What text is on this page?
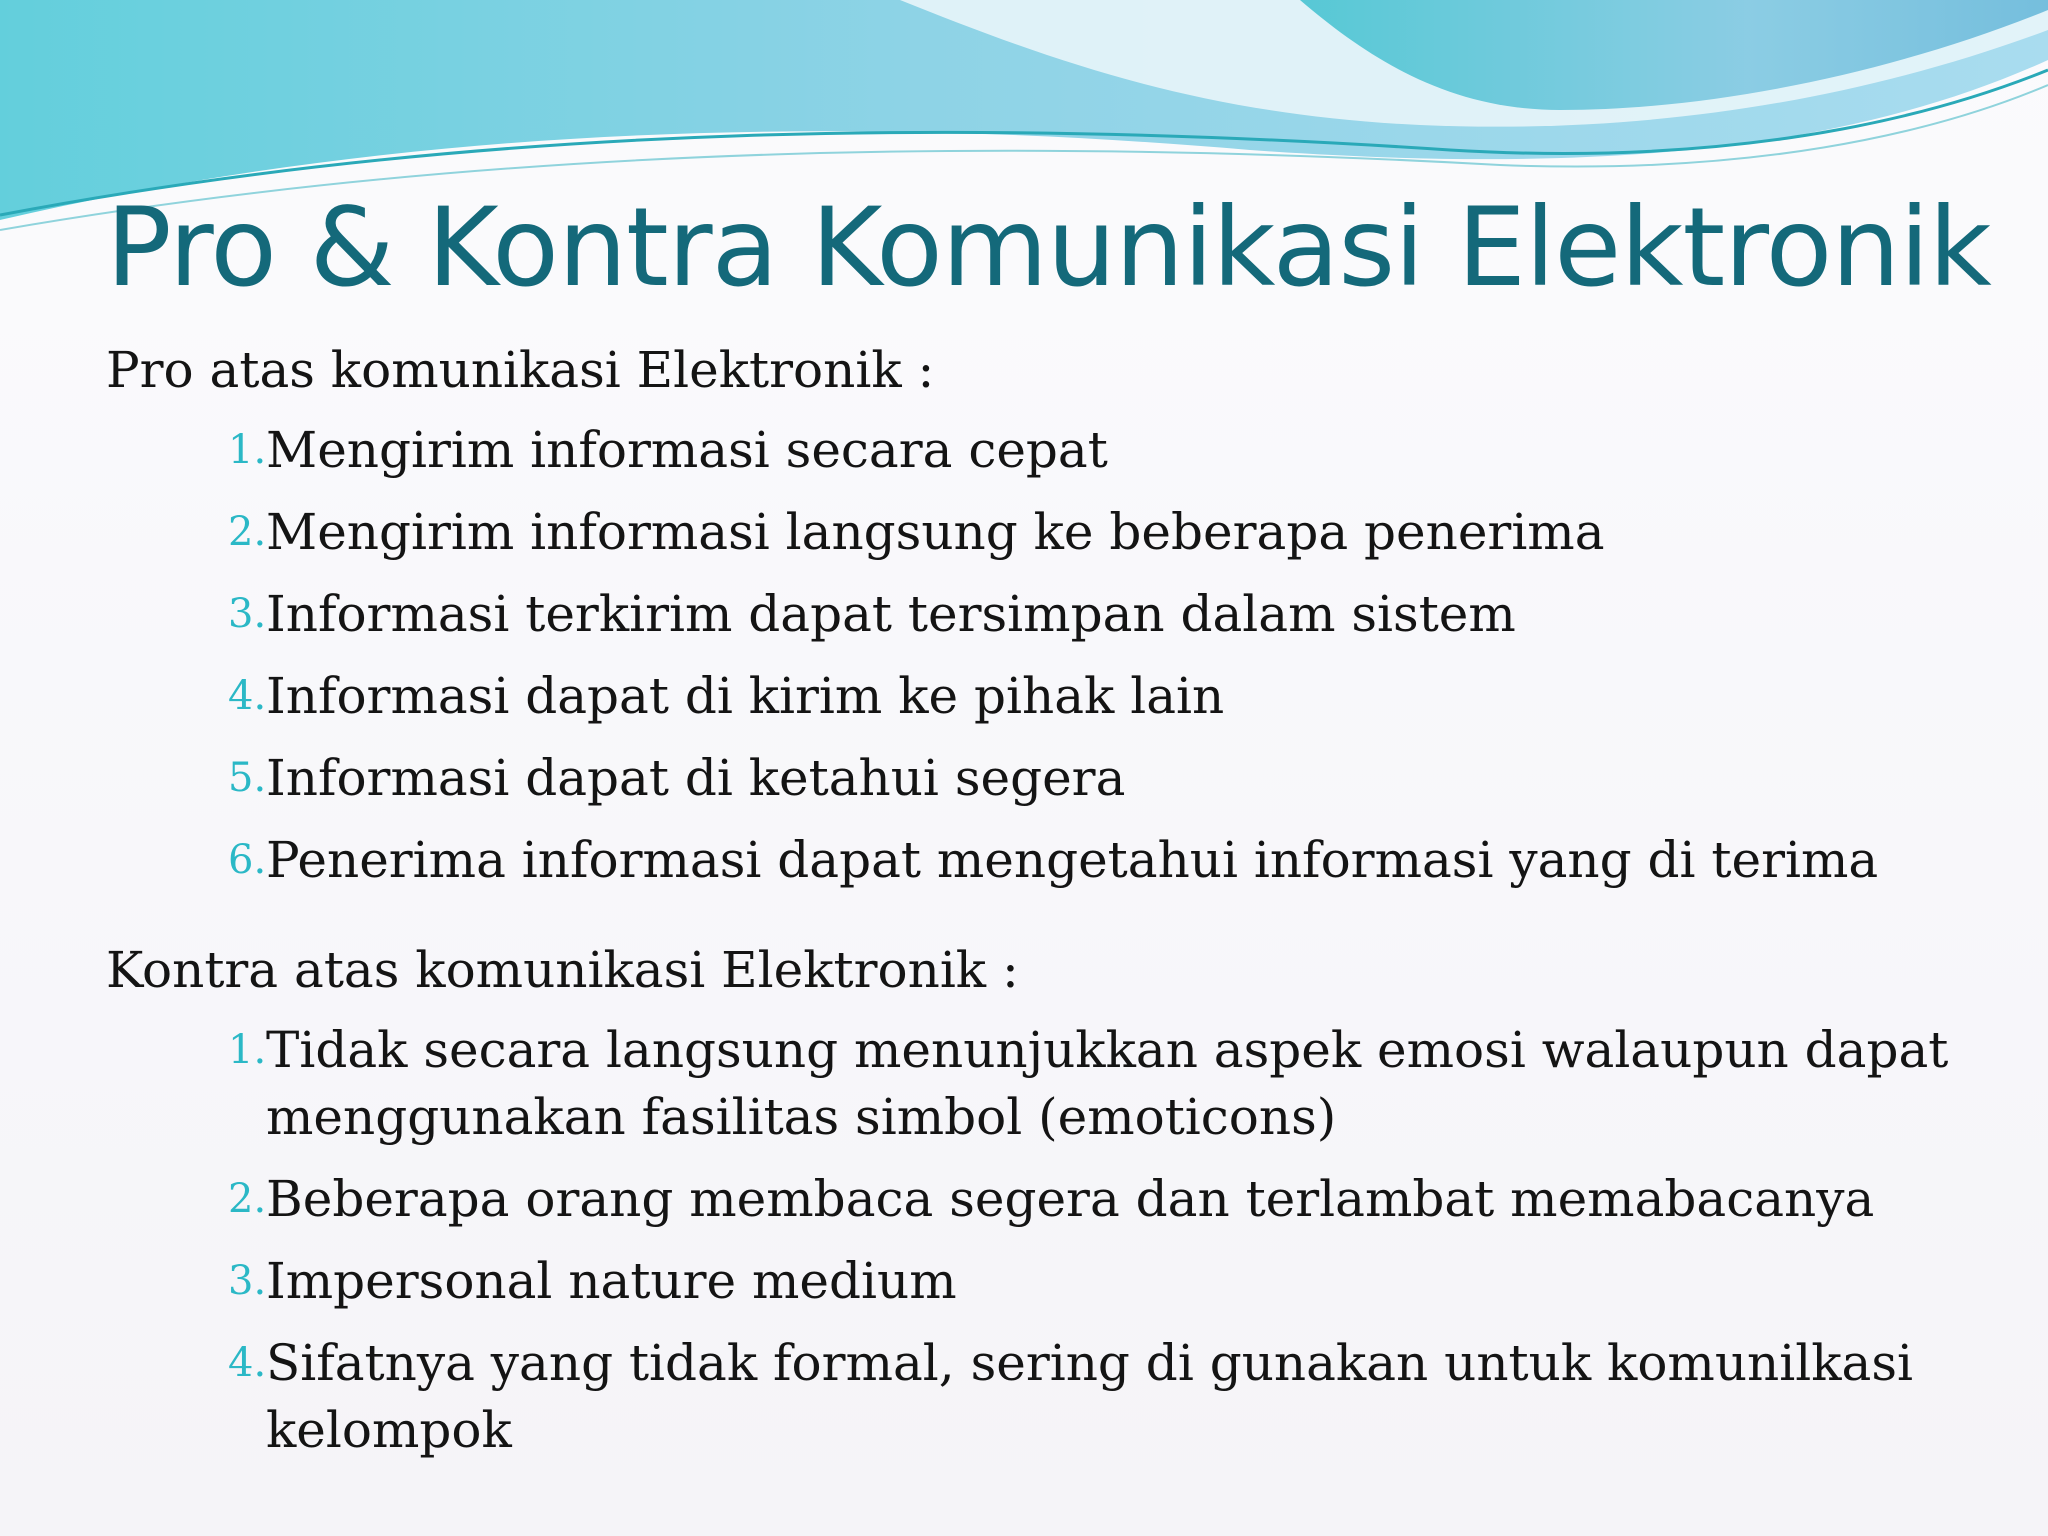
Pro & Kontra Komunikasi Elektronik

Pro atas komunikasi Elektronik :

1. Mengirim informasi secara cepat
2. Mengirim informasi langsung ke beberapa penerima
3. Informasi terkirim dapat tersimpan dalam sistem
4. Informasi dapat di kirim ke pihak lain
5. Informasi dapat di ketahui segera
6. Penerima informasi dapat mengetahui informasi yang di terima

Kontra atas komunikasi Elektronik :

1. Tidak secara langsung menunjukkan aspek emosi walaupun dapat menggunakan fasilitas simbol (emoticons)
2. Beberapa orang membaca segera dan terlambat memabacanya
3. Impersonal nature medium
4. Sifatnya yang tidak formal, sering di gunakan untuk komunilkasi kelompok
